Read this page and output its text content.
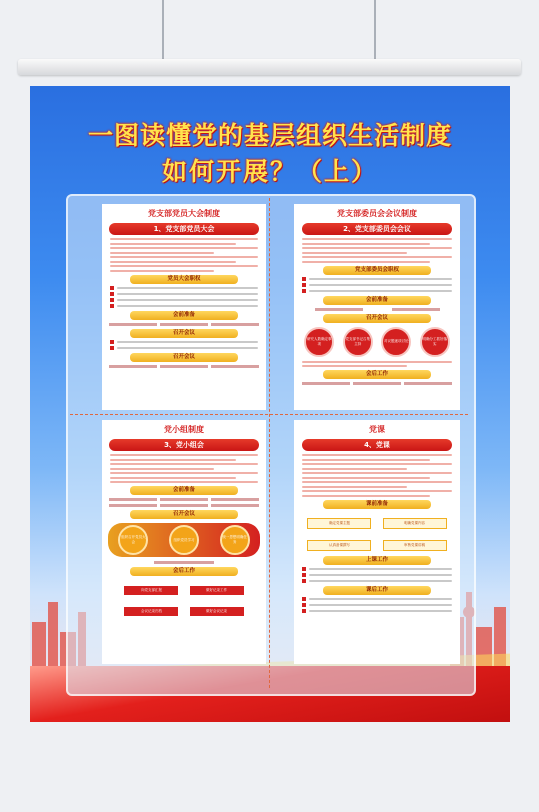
一图读懂党的基层组织生活制度
如何开展？（上）
党支部党员大会制度
1、党支部党员大会
党员大会职权
会前准备
召开会议
召开会议
党支部委员会会议制度
2、党支部委员会会议
党支部委员会职权
会前准备
召开会议
研究人数确定事项
党支部书记召集主持
对议题逐项讨论
明确分工抓好落实
会后工作
党小组制度
3、党小组会
会前准备
召开会议
组织召开党员大会
组织党员学习
统一思想明确任务
会后工作
向党支部汇报	做好记录工作 会议记录归档	做好会议记录
党课
4、党课
课前准备
确定党课主题	明确党课内容 认真备课撰写	审核党课讲稿
上课工作
课后工作
